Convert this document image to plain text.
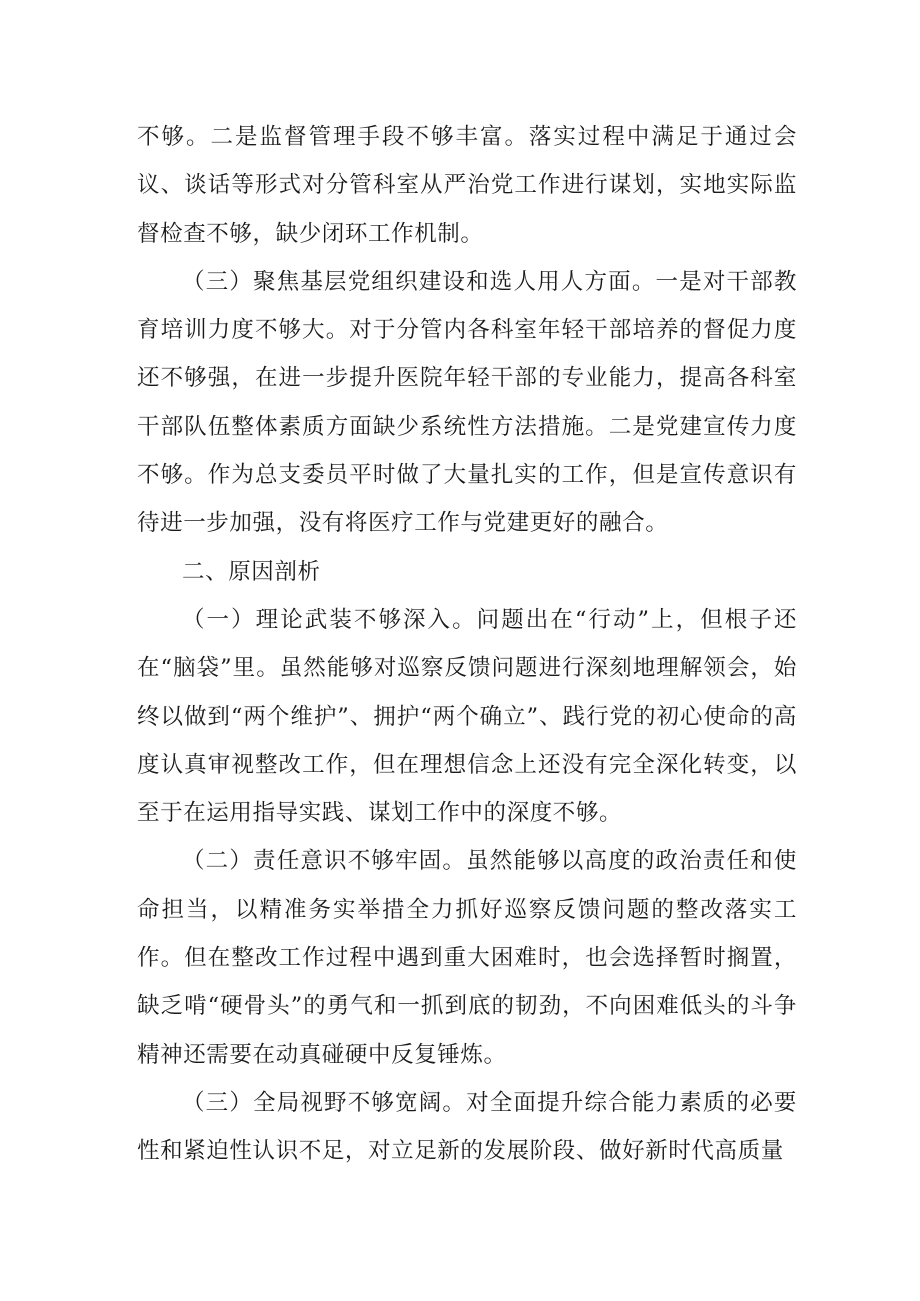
不够。二是监督管理手段不够丰富。落实过程中满足于通过会议、谈话等形式对分管科室从严治党工作进行谋划，实地实际监督检查不够，缺少闭环工作机制。

（三）聚焦基层党组织建设和选人用人方面。一是对干部教育培训力度不够大。对于分管内各科室年轻干部培养的督促力度还不够强，在进一步提升医院年轻干部的专业能力，提高各科室干部队伍整体素质方面缺少系统性方法措施。二是党建宣传力度不够。作为总支委员平时做了大量扎实的工作，但是宣传意识有待进一步加强，没有将医疗工作与党建更好的融合。

二、原因剖析

（一）理论武装不够深入。问题出在“行动”上，但根子还在“脑袋”里。虽然能够对巡察反馈问题进行深刻地理解领会，始终以做到“两个维护”、拥护“两个确立”、践行党的初心使命的高度认真审视整改工作，但在理想信念上还没有完全深化转变，以至于在运用指导实践、谋划工作中的深度不够。

（二）责任意识不够牢固。虽然能够以高度的政治责任和使命担当，以精准务实举措全力抓好巡察反馈问题的整改落实工作。但在整改工作过程中遇到重大困难时，也会选择暂时搁置，缺乏啃“硬骨头”的勇气和一抓到底的韧劲，不向困难低头的斗争精神还需要在动真碰硬中反复锤炼。

（三）全局视野不够宽阔。对全面提升综合能力素质的必要性和紧迫性认识不足，对立足新的发展阶段、做好新时代高质量
